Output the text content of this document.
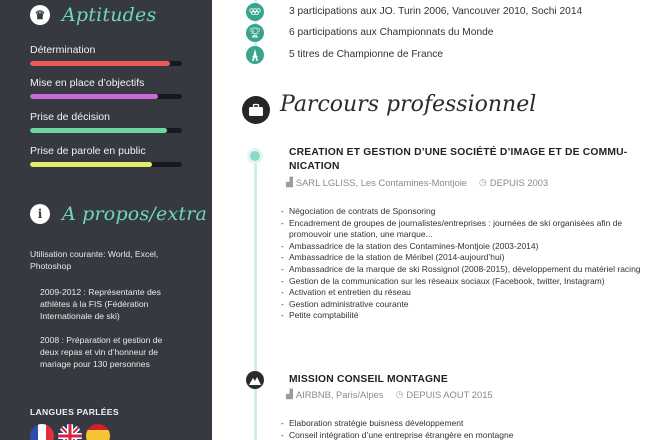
♛ Aptitudes
Détermination
Mise en place d’objectifs
Prise de décision
Prise de parole en public
i	A propos/extra
Utilisation courante: World, Excel, Photoshop
2009-2012 : Représentante des athlètes à la FIS (Fédération Internationale de ski)
2008 : Préparation et gestion de deux repas et vin d’honneur de mariage pour 130 personnes
LANGUES PARLÉES
3 participations aux JO. Turin 2006, Vancouver 2010, Sochi 2014
🏆︎	6 participations aux Championnats du Monde
5 titres de Championne de France
Parcours professionnel
CREATION ET GESTION D’UNE SOCIÉTÉ D’IMAGE ET DE COMMU-
NICATION
▟ SARL LGLISS, Les Contamines-Montjoie ◷ DEPUIS 2003
- Négociation de contrats de Sponsoring
- Encadrement de groupes de journalistes/entreprises : journées de ski organisées afin de promouvoir une station, une marque...
- Ambassadrice de la station des Contamines-Montjoie (2003-2014)
- Ambassadrice de la station de Méribel (2014-aujourd’hui)
- Ambassadrice de la marque de ski Rossignol (2008-2015), développement du matériel racing
- Gestion de la communication sur les réseaux sociaux (Facebook, twitter, Instagram)
- Activation et entretien du réseau
- Gestion administrative courante
- Petite comptabilité
MISSION CONSEIL MONTAGNE
▟ AIRBNB, Paris/Alpes ◷ DEPUIS AOUT 2015
- Elaboration stratégie buisness développement
- Conseil intégration d’une entreprise étrangère en montagne
